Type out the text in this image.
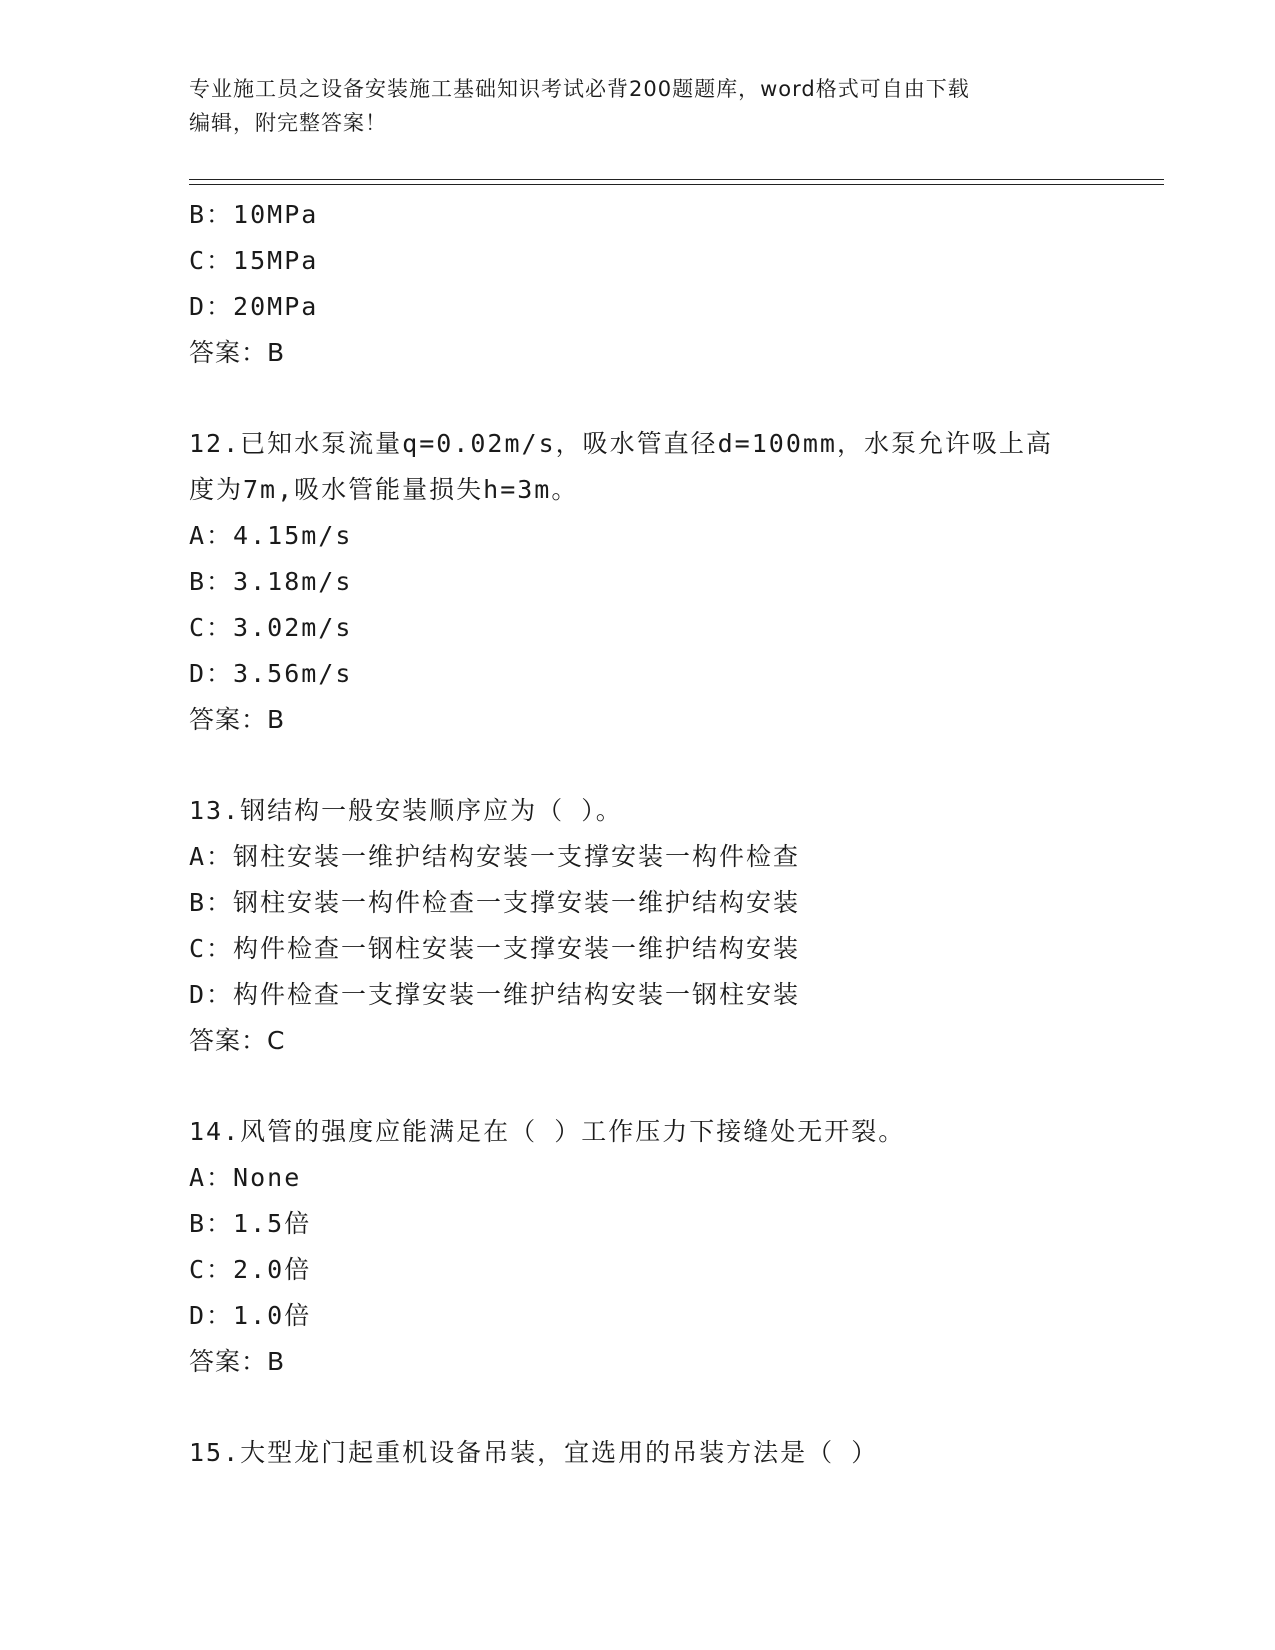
专业施工员之设备安装施工基础知识考试必背200题题库，word格式可自由下载
编辑，附完整答案！
B：10MPa
C：15MPa
D：20MPa
答案：B
12.已知水泵流量q=0.02m/s，吸水管直径d=100mm，水泵允许吸上高
度为7m,吸水管能量损失h=3m。
A：4.15m/s
B：3.18m/s
C：3.02m/s
D：3.56m/s
答案：B
13.钢结构一般安装顺序应为（ ）。
A：钢柱安装一维护结构安装一支撑安装一构件检查
B：钢柱安装一构件检查一支撑安装一维护结构安装
C：构件检查一钢柱安装一支撑安装一维护结构安装
D：构件检查一支撑安装一维护结构安装一钢柱安装
答案：C
14.风管的强度应能满足在（ ）工作压力下接缝处无开裂。
A：None
B：1.5倍
C：2.0倍
D：1.0倍
答案：B
15.大型龙门起重机设备吊装，宜选用的吊装方法是（ ）
